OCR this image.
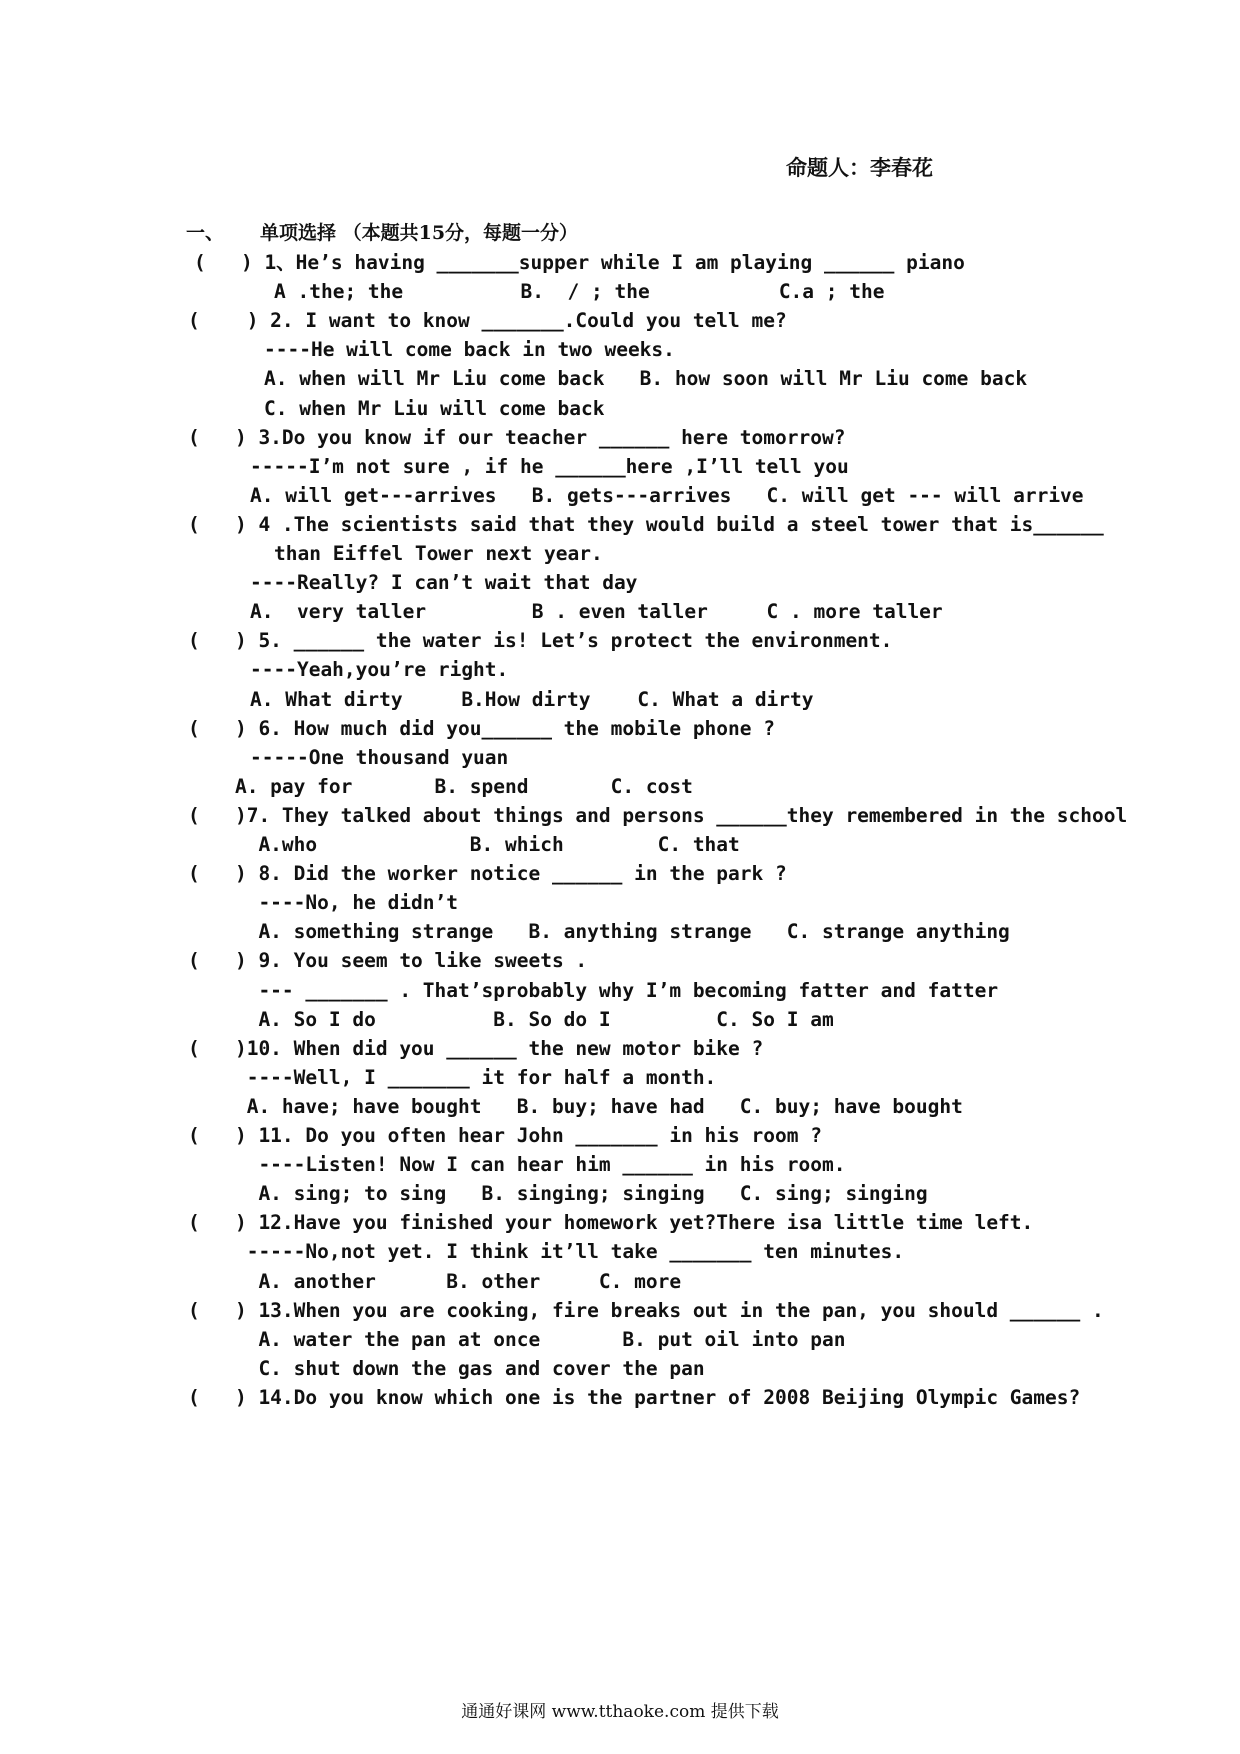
命题人：李春花
一、 单项选择 （本题共15分，每题一分）
(   ) 1、He’s having _______supper while I am playing ______ piano
A .the; the          B.  / ; the           C.a ; the
(    ) 2. I want to know _______.Could you tell me?
----He will come back in two weeks.
A. when will Mr Liu come back   B. how soon will Mr Liu come back
C. when Mr Liu will come back
(   ) 3.Do you know if our teacher ______ here tomorrow?
-----I’m not sure , if he ______here ,I’ll tell you
A. will get---arrives   B. gets---arrives   C. will get --- will arrive
(   ) 4 .The scientists said that they would build a steel tower that is______
than Eiffel Tower next year.
----Really? I can’t wait that day
A.  very taller         B . even taller     C . more taller
(   ) 5. ______ the water is! Let’s protect the environment.
----Yeah,you’re right.
A. What dirty     B.How dirty    C. What a dirty
(   ) 6. How much did you______ the mobile phone ?
-----One thousand yuan
A. pay for       B. spend       C. cost
(   )7. They talked about things and persons ______they remembered in the school
A.who             B. which        C. that
(   ) 8. Did the worker notice ______ in the park ?
----No, he didn’t
A. something strange   B. anything strange   C. strange anything
(   ) 9. You seem to like sweets .
--- _______ . That’sprobably why I’m becoming fatter and fatter
A. So I do          B. So do I         C. So I am
(   )10. When did you ______ the new motor bike ?
----Well, I _______ it for half a month.
A. have; have bought   B. buy; have had   C. buy; have bought
(   ) 11. Do you often hear John _______ in his room ?
----Listen! Now I can hear him ______ in his room.
A. sing; to sing   B. singing; singing   C. sing; singing
(   ) 12.Have you finished your homework yet?There isa little time left.
-----No,not yet. I think it’ll take _______ ten minutes.
A. another      B. other     C. more
(   ) 13.When you are cooking, fire breaks out in the pan, you should ______ .
A. water the pan at once       B. put oil into pan
C. shut down the gas and cover the pan
(   ) 14.Do you know which one is the partner of 2008 Beijing Olympic Games?

通通好课网 www.tthaoke.com 提供下载
